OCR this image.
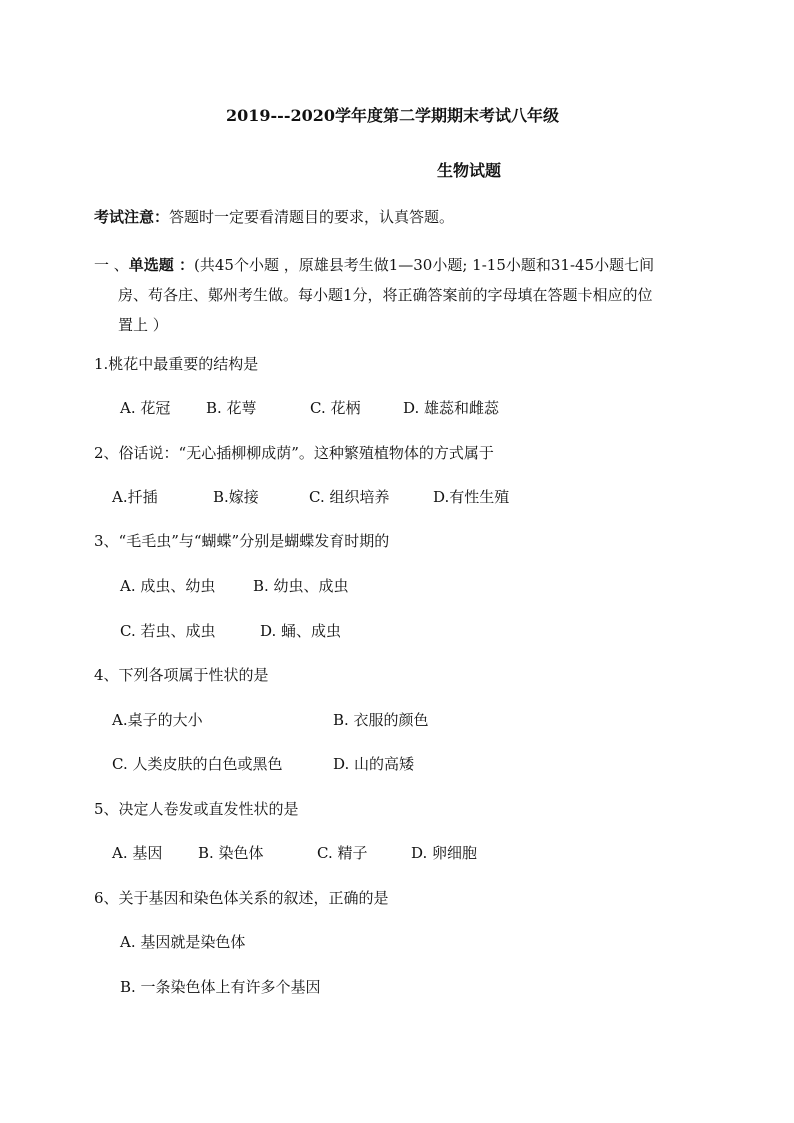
2019---2020学年度第二学期期末考试八年级
生物试题
考试注意：答题时一定要看清题目的要求，认真答题。
一 、单选题 ：(共45个小题 ，原雄县考生做1—30小题; 1-15小题和31-45小题七间
房、苟各庄、鄚州考生做。每小题1分，将正确答案前的字母填在答题卡相应的位
置上 ）
1.桃花中最重要的结构是
A. 花冠 B. 花萼	C. 花柄	D. 雄蕊和雌蕊
2、俗话说：“无心插柳柳成荫”。这种繁殖植物体的方式属于
A.扦插	B.嫁接	C. 组织培养	D.有性生殖
3、“毛毛虫”与“蝴蝶”分别是蝴蝶发育时期的
A. 成虫、幼虫	B. 幼虫、成虫
C. 若虫、成虫	D. 蛹、成虫
4、下列各项属于性状的是
A.桌子的大小	B. 衣服的颜色
C. 人类皮肤的白色或黑色	D. 山的高矮
5、决定人卷发或直发性状的是
A. 基因 B. 染色体	C. 精子	D. 卵细胞
6、关于基因和染色体关系的叙述，正确的是
A. 基因就是染色体
B. 一条染色体上有许多个基因
